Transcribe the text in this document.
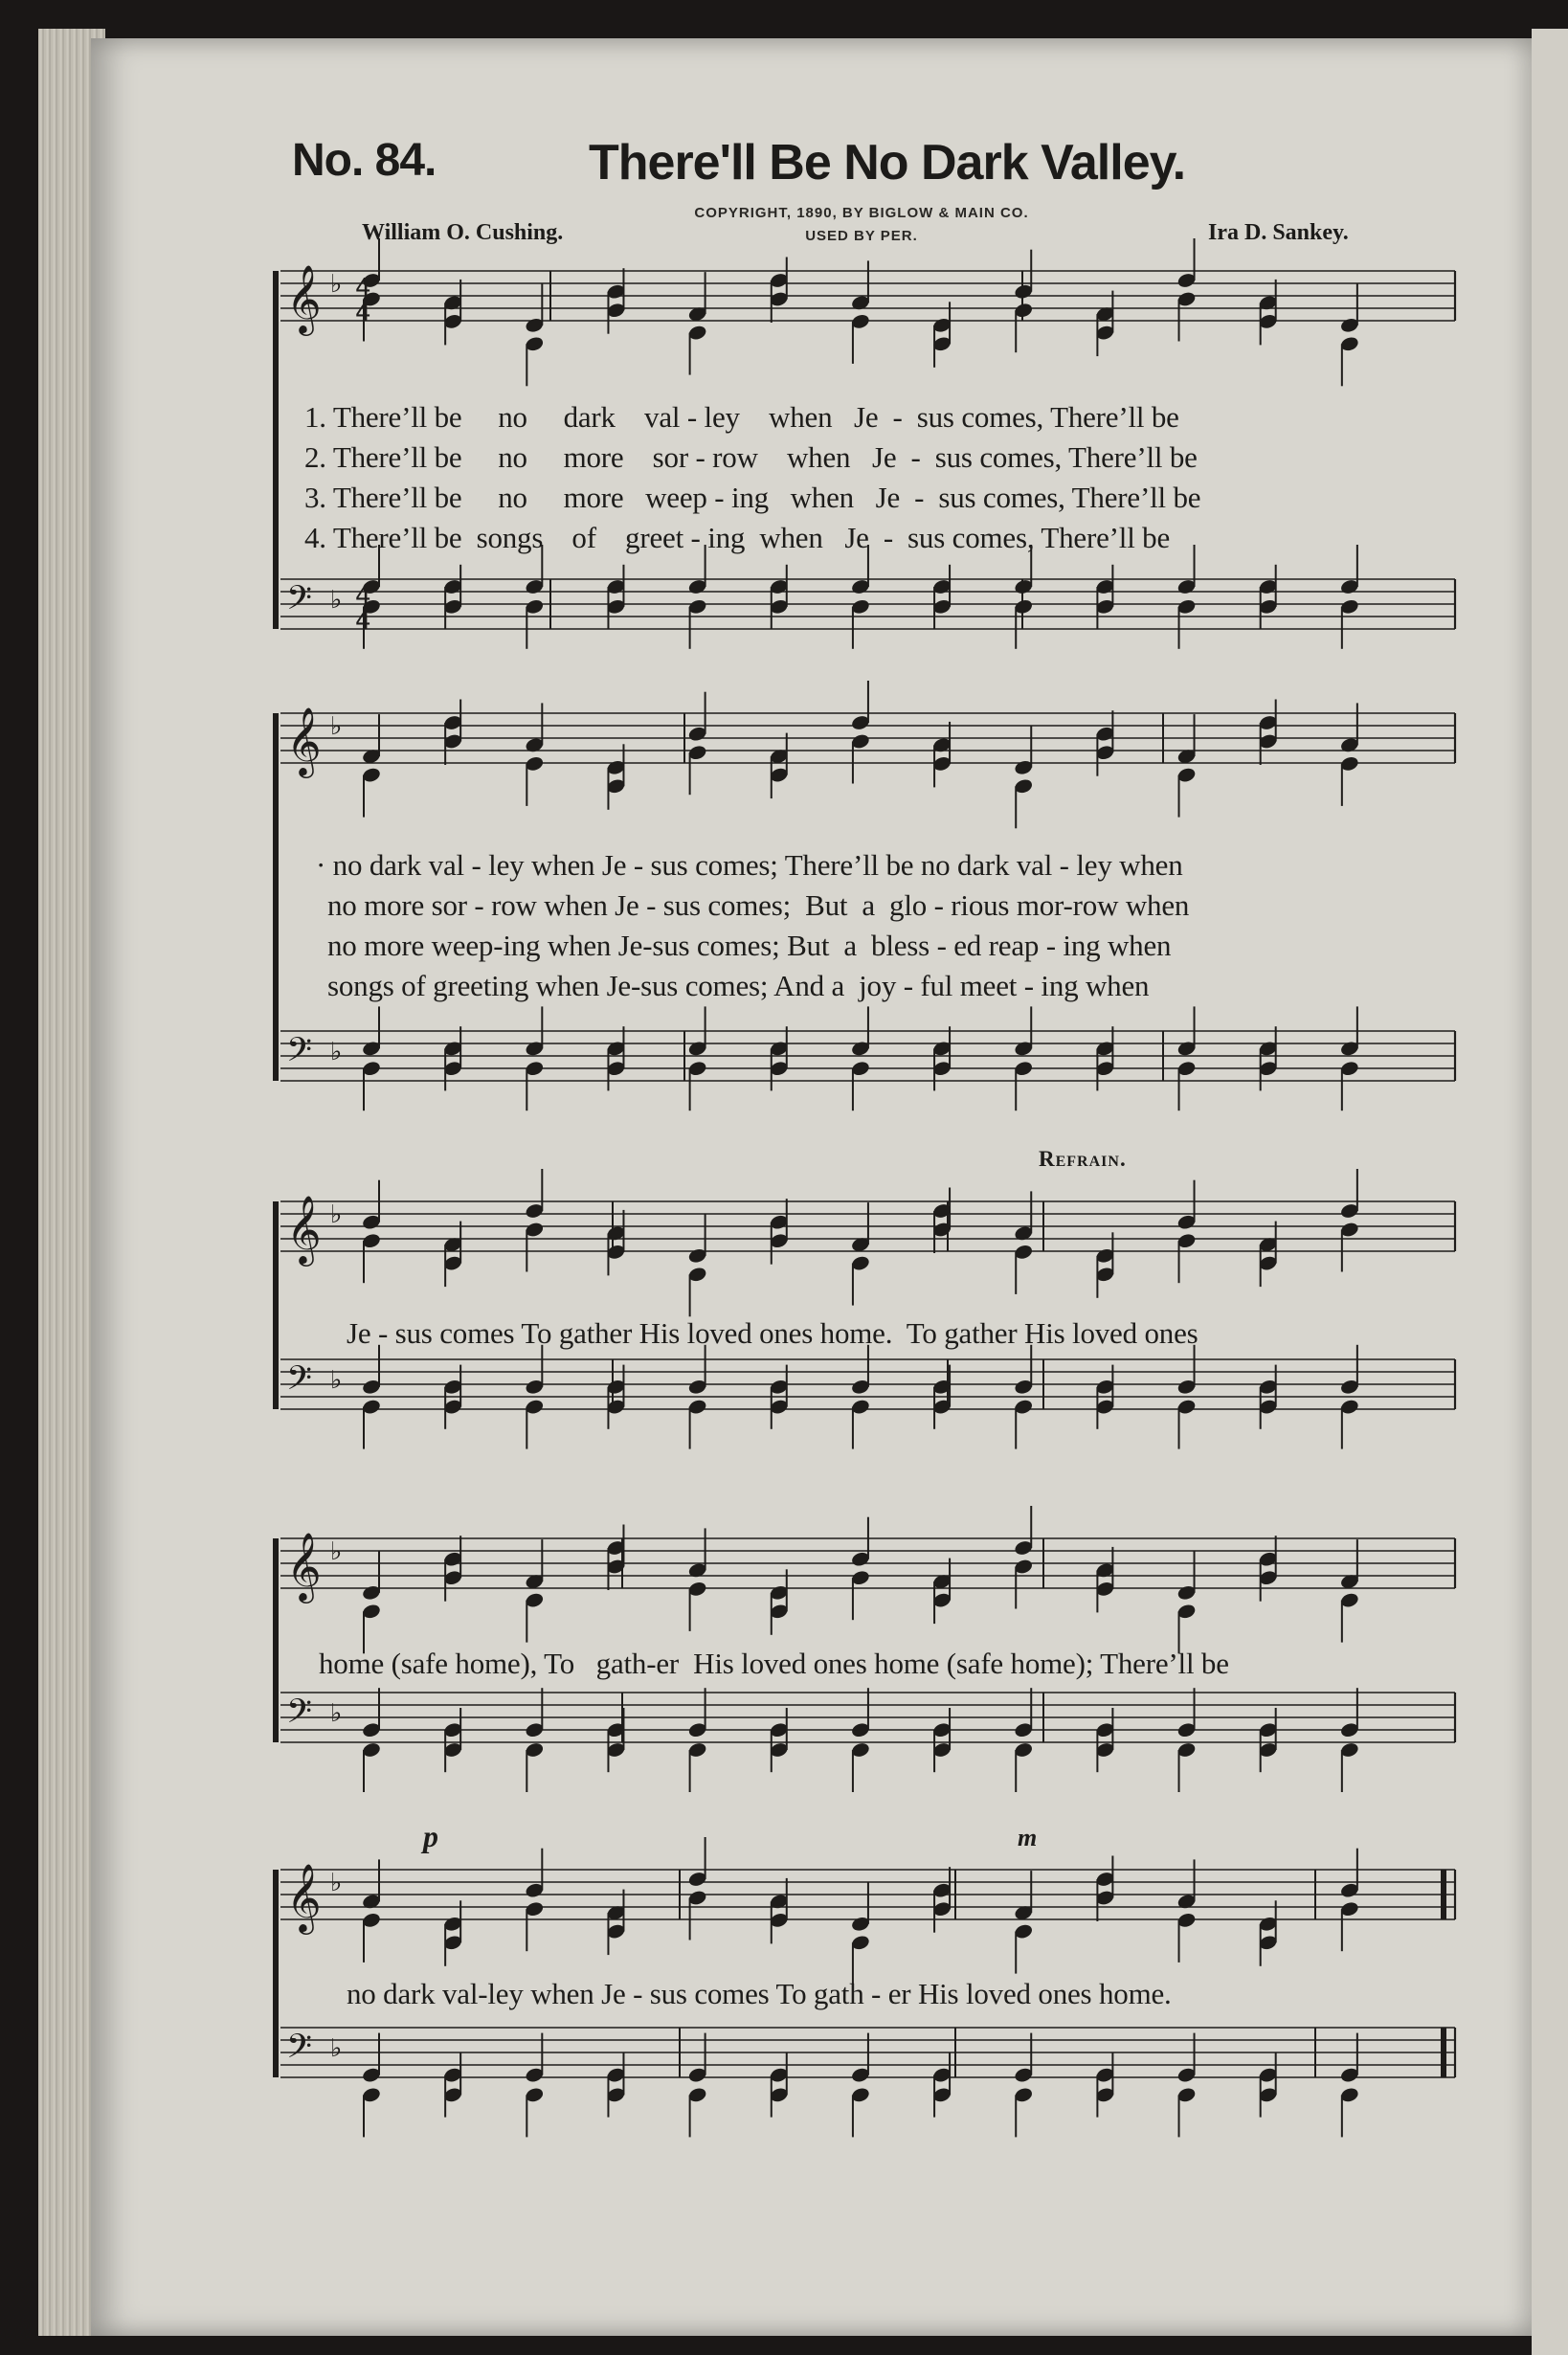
No. 84.	There'll Be No Dark Valley.
COPYRIGHT, 1890, BY BIGLOW & MAIN CO.
USED BY PER.
William O. Cushing.	Ira D. Sankey.
𝄞
𝄢
♭
♭
𝄞
𝄢
♭
♭
𝄞
𝄢
♭
♭
𝄞
𝄢
♭
♭
𝄞
𝄢
♭
♭
4
4
4
4
1. There’ll be     no     dark    val - ley    when   Je  -  sus comes, There’ll be
2. There’ll be     no     more    sor - row    when   Je  -  sus comes, There’ll be
3. There’ll be     no     more   weep - ing   when   Je  -  sus comes, There’ll be
4. There’ll be  songs    of    greet - ing  when   Je  -  sus comes, There’ll be
· no dark val - ley when Je - sus comes; There’ll be no dark val - ley when
no more sor - row when Je - sus comes;  But  a  glo - rious mor-row when
no more weep-ing when Je-sus comes; But  a  bless - ed reap - ing when
songs of greeting when Je-sus comes; And a  joy - ful meet - ing when
Refrain.
Je - sus comes To gather His loved ones home.  To gather His loved ones
home (safe home), To   gath-er  His loved ones home (safe home); There’ll be
no dark val-ley when Je - sus comes To gath - er His loved ones home.
p	m
